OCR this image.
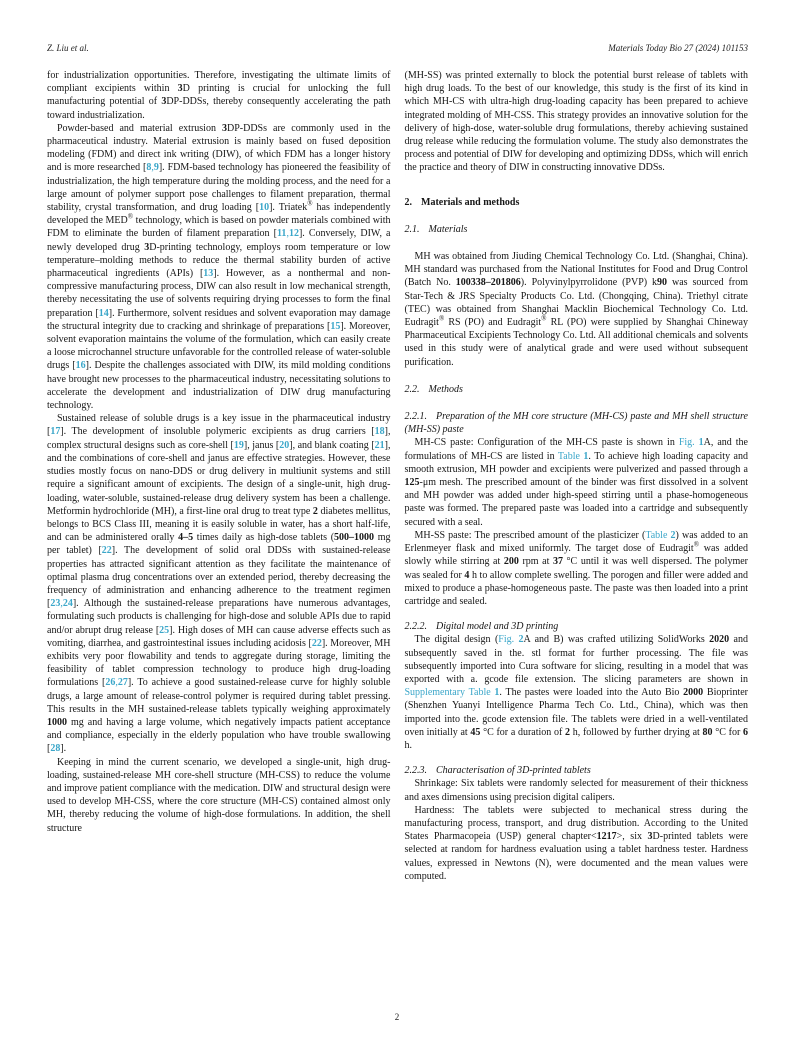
Z. Liu et al.	Materials Today Bio 27 (2024) 101153

for industrialization opportunities. Therefore, investigating the ultimate limits of compliant excipients within 3D printing is crucial for unlocking the full manufacturing potential of 3DP-DDSs, thereby consequently accelerating the path toward industrialization.

Powder-based and material extrusion 3DP-DDSs are commonly used in the pharmaceutical industry. Material extrusion is mainly based on fused deposition modeling (FDM) and direct ink writing (DIW), of which FDM has a longer history and is more researched [8,9]. FDM-based technology has pioneered the feasibility of industrialization, the high temperature during the molding process, and the need for a large amount of polymer support pose challenges to filament preparation, thermal stability, crystal transformation, and drug loading [10]. Triatek® has independently developed the MED® technology, which is based on powder materials combined with FDM to eliminate the burden of filament preparation [11,12]. Conversely, DIW, a newly developed drug 3D-printing technology, employs room temperature or low temperature–molding methods to reduce the thermal stability burden of active pharmaceutical ingredients (APIs) [13]. However, as a nonthermal and non-compressive manufacturing process, DIW can also result in low mechanical strength, thereby necessitating the use of solvents requiring drying processes to form the final preparation [14]. Furthermore, solvent residues and solvent evaporation may damage the structural integrity due to cracking and shrinkage of preparations [15]. Moreover, solvent evaporation maintains the volume of the formulation, which can easily create a loose microchannel structure unfavorable for the controlled release of water-soluble drugs [16]. Despite the challenges associated with DIW, its mild molding conditions have brought new processes to the pharmaceutical industry, necessitating solutions to accelerate the development and industrialization of DIW drug manufacturing technology.

Sustained release of soluble drugs is a key issue in the pharmaceutical industry [17]. The development of insoluble polymeric excipients as drug carriers [18], complex structural designs such as core-shell [19], janus [20], and blank coating [21], and the combinations of core-shell and janus are effective strategies. However, these studies mostly focus on nano-DDS or drug delivery in multiunit systems and still require a significant amount of excipients. The design of a single-unit, high drug-loading, water-soluble, sustained-release drug delivery system has been a challenge. Metformin hydrochloride (MH), a first-line oral drug to treat type 2 diabetes mellitus, belongs to BCS Class III, meaning it is easily soluble in water, has a short half-life, and can be administered orally 4–5 times daily as high-dose tablets (500–1000 mg per tablet) [22]. The development of solid oral DDSs with sustained-release properties has attracted significant attention as they facilitate the maintenance of optimal plasma drug concentrations over an extended period, thereby decreasing the frequency of administration and enhancing adherence to the treatment regimen [23,24]. Although the sustained-release preparations have numerous advantages, formulating such products is challenging for high-dose and soluble APIs due to rapid and/or abrupt drug release [25]. High doses of MH can cause adverse effects such as vomiting, diarrhea, and gastrointestinal issues including acidosis [22]. Moreover, MH exhibits very poor flowability and tends to aggregate during storage, limiting the feasibility of tablet compression technology to produce high drug-loading formulations [26,27]. To achieve a good sustained-release curve for highly soluble drugs, a large amount of release-control polymer is required during tablet pressing. This results in the MH sustained-release tablets typically weighing approximately 1000 mg and having a large volume, which negatively impacts patient acceptance and compliance, especially in the elderly population who have trouble swallowing [28].

Keeping in mind the current scenario, we developed a single-unit, high drug-loading, sustained-release MH core-shell structure (MH-CSS) to reduce the volume and improve patient compliance with the medication. DIW and structural design were used to develop MH-CSS, where the core structure (MH-CS) contained almost only MH, thereby reducing the volume of high-dose formulations. In addition, the shell structure

(MH-SS) was printed externally to block the potential burst release of tablets with high drug loads. To the best of our knowledge, this study is the first of its kind in which MH-CS with ultra-high drug-loading capacity has been prepared to achieve integrated molding of MH-CSS. This strategy provides an innovative solution for the delivery of high-dose, water-soluble drug formulations, thereby achieving sustained drug release while reducing the formulation volume. The study also demonstrates the process and potential of DIW for developing and optimizing DDSs, which will enrich the practice and theory of DIW in constructing innovative DDSs.

2. Materials and methods
2.1. Materials

MH was obtained from Jiuding Chemical Technology Co. Ltd. (Shanghai, China). MH standard was purchased from the National Institutes for Food and Drug Control (Batch No. 100338–201806). Polyvinylpyrrolidone (PVP) k90 was sourced from Star-Tech & JRS Specialty Products Co. Ltd. (Chongqing, China). Triethyl citrate (TEC) was obtained from Shanghai Macklin Biochemical Technology Co. Ltd. Eudragit® RS (PO) and Eudragit® RL (PO) were supplied by Shanghai Chineway Pharmaceutical Excipients Technology Co. Ltd. All additional chemicals and solvents used in this study were of analytical grade and were used without subsequent purification.

2.2. Methods
2.2.1. Preparation of the MH core structure (MH-CS) paste and MH shell structure (MH-SS) paste

MH-CS paste: Configuration of the MH-CS paste is shown in Fig. 1A, and the formulations of MH-CS are listed in Table 1. To achieve high loading capacity and smooth extrusion, MH powder and excipients were pulverized and passed through a 125-μm mesh. The prescribed amount of the binder was first dissolved in a solvent and MH powder was added under high-speed stirring until a phase-homogeneous paste was formed. The prepared paste was loaded into a cartridge and subsequently secured with a seal.

MH-SS paste: The prescribed amount of the plasticizer (Table 2) was added to an Erlenmeyer flask and mixed uniformly. The target dose of Eudragit® was added slowly while stirring at 200 rpm at 37 °C until it was well dispersed. The polymer was sealed for 4 h to allow complete swelling. The porogen and filler were added and mixed to produce a phase-homogeneous paste. The paste was then loaded into a print cartridge and sealed.

2.2.2. Digital model and 3D printing

The digital design (Fig. 2A and B) was crafted utilizing SolidWorks 2020 and subsequently saved in the. stl format for further processing. The file was subsequently imported into Cura software for slicing, resulting in a model that was exported with a. gcode file extension. The slicing parameters are shown in Supplementary Table 1. The pastes were loaded into the Auto Bio 2000 Bioprinter (Shenzhen Yuanyi Intelligence Pharma Tech Co. Ltd., China), which was then imported into the. gcode extension file. The tablets were dried in a well-ventilated oven initially at 45 °C for a duration of 2 h, followed by further drying at 80 °C for 6 h.

2.2.3. Characterisation of 3D-printed tablets

Shrinkage: Six tablets were randomly selected for measurement of their thickness and axes dimensions using precision digital calipers.

Hardness: The tablets were subjected to mechanical stress during the manufacturing process, transport, and drug distribution. According to the United States Pharmacopeia (USP) general chapter<1217>, six 3D-printed tablets were selected at random for hardness evaluation using a tablet hardness tester. Hardness values, expressed in Newtons (N), were documented and the mean values were computed.

2
